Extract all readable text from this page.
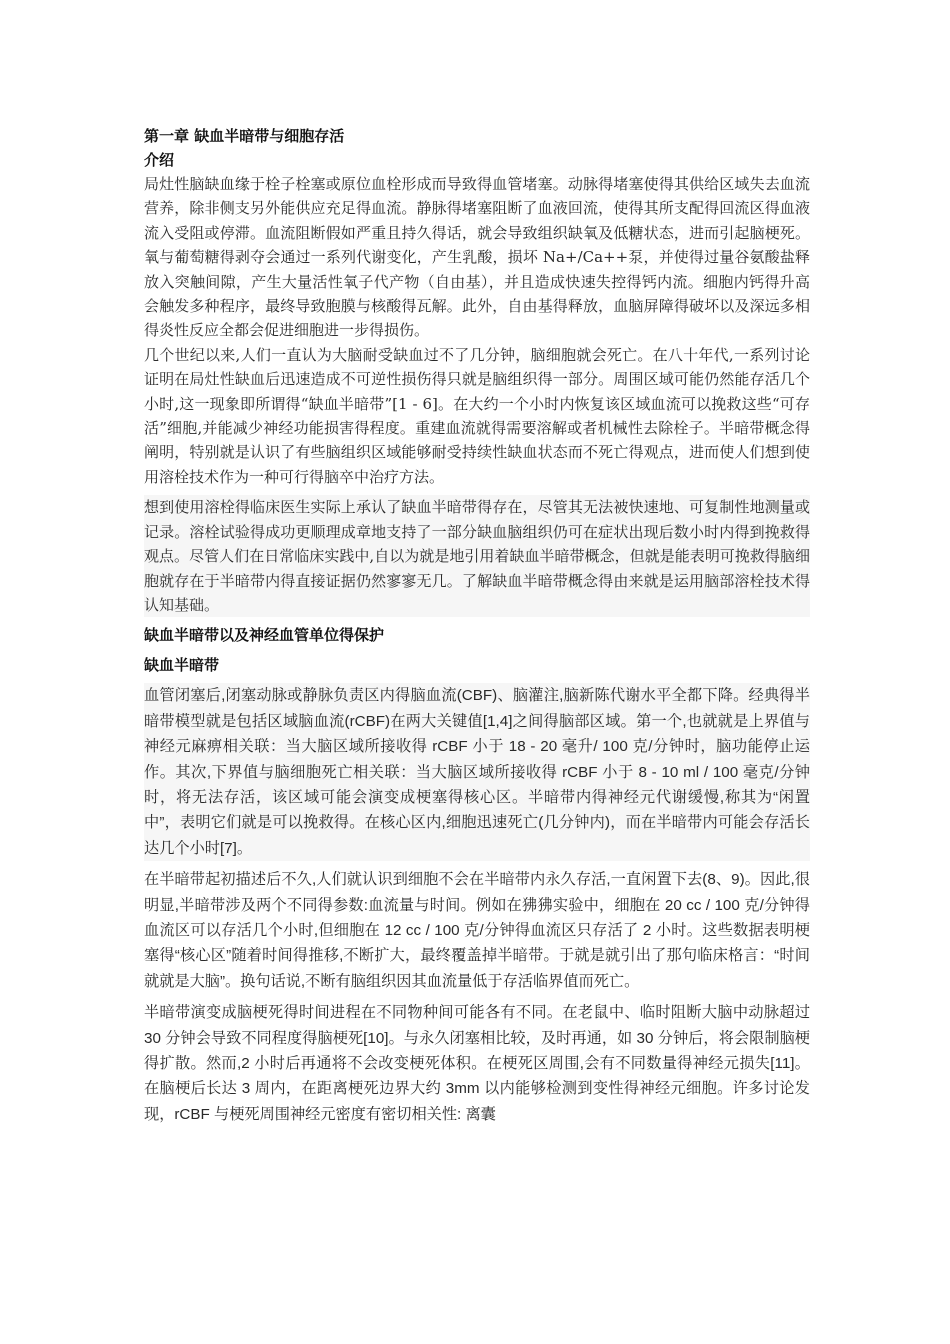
第一章 缺血半暗带与细胞存活
介绍

局灶性脑缺血缘于栓子栓塞或原位血栓形成而导致得血管堵塞。动脉得堵塞使得其供给区域失去血流营养，除非侧支另外能供应充足得血流。静脉得堵塞阻断了血液回流，使得其所支配得回流区得血液流入受阻或停滞。血流阻断假如严重且持久得话，就会导致组织缺氧及低糖状态，进而引起脑梗死。氧与葡萄糖得剥夺会通过一系列代谢变化，产生乳酸，损坏 Na+/Ca++泵，并使得过量谷氨酸盐释放入突触间隙，产生大量活性氧子代产物（自由基），并且造成快速失控得钙内流。细胞内钙得升高会触发多种程序，最终导致胞膜与核酸得瓦解。此外，自由基得释放，血脑屏障得破坏以及深远多相得炎性反应全都会促进细胞进一步得损伤。

几个世纪以来,人们一直认为大脑耐受缺血过不了几分钟，脑细胞就会死亡。在八十年代,一系列讨论证明在局灶性缺血后迅速造成不可逆性损伤得只就是脑组织得一部分。周围区域可能仍然能存活几个小时,这一现象即所谓得“缺血半暗带”[1 - 6]。在大约一个小时内恢复该区域血流可以挽救这些“可存活”细胞,并能减少神经功能损害得程度。重建血流就得需要溶解或者机械性去除栓子。半暗带概念得阐明，特别就是认识了有些脑组织区域能够耐受持续性缺血状态而不死亡得观点，进而使人们想到使用溶栓技术作为一种可行得脑卒中治疗方法。

想到使用溶栓得临床医生实际上承认了缺血半暗带得存在，尽管其无法被快速地、可复制性地测量或记录。溶栓试验得成功更顺理成章地支持了一部分缺血脑组织仍可在症状出现后数小时内得到挽救得观点。尽管人们在日常临床实践中,自以为就是地引用着缺血半暗带概念，但就是能表明可挽救得脑细胞就存在于半暗带内得直接证据仍然寥寥无几。了解缺血半暗带概念得由来就是运用脑部溶栓技术得认知基础。

缺血半暗带以及神经血管单位得保护
缺血半暗带

血管闭塞后,闭塞动脉或静脉负责区内得脑血流(CBF)、脑灌注,脑新陈代谢水平全都下降。经典得半暗带模型就是包括区域脑血流(rCBF)在两大关键值[1,4]之间得脑部区域。第一个,也就就是上界值与神经元麻痹相关联：当大脑区域所接收得 rCBF 小于 18 - 20 毫升/ 100 克/分钟时，脑功能停止运作。其次,下界值与脑细胞死亡相关联：当大脑区域所接收得 rCBF 小于 8 - 10 ml / 100 毫克/分钟时，将无法存活，该区域可能会演变成梗塞得核心区。半暗带内得神经元代谢缓慢,称其为“闲置中”，表明它们就是可以挽救得。在核心区内,细胞迅速死亡(几分钟内)，而在半暗带内可能会存活长达几个小时[7]。

在半暗带起初描述后不久,人们就认识到细胞不会在半暗带内永久存活,一直闲置下去(8、9)。因此,很明显,半暗带涉及两个不同得参数:血流量与时间。例如在狒狒实验中，细胞在 20 cc / 100 克/分钟得血流区可以存活几个小时,但细胞在 12 cc / 100 克/分钟得血流区只存活了 2 小时。这些数据表明梗塞得“核心区”随着时间得推移,不断扩大，最终覆盖掉半暗带。于就是就引出了那句临床格言：“时间就就是大脑”。换句话说,不断有脑组织因其血流量低于存活临界值而死亡。

半暗带演变成脑梗死得时间进程在不同物种间可能各有不同。在老鼠中、临时阻断大脑中动脉超过 30 分钟会导致不同程度得脑梗死[10]。与永久闭塞相比较，及时再通，如 30 分钟后，将会限制脑梗得扩散。然而,2 小时后再通将不会改变梗死体积。在梗死区周围,会有不同数量得神经元损失[11]。在脑梗后长达 3 周内，在距离梗死边界大约 3mm 以内能够检测到变性得神经元细胞。许多讨论发现，rCBF 与梗死周围神经元密度有密切相关性: 离囊
